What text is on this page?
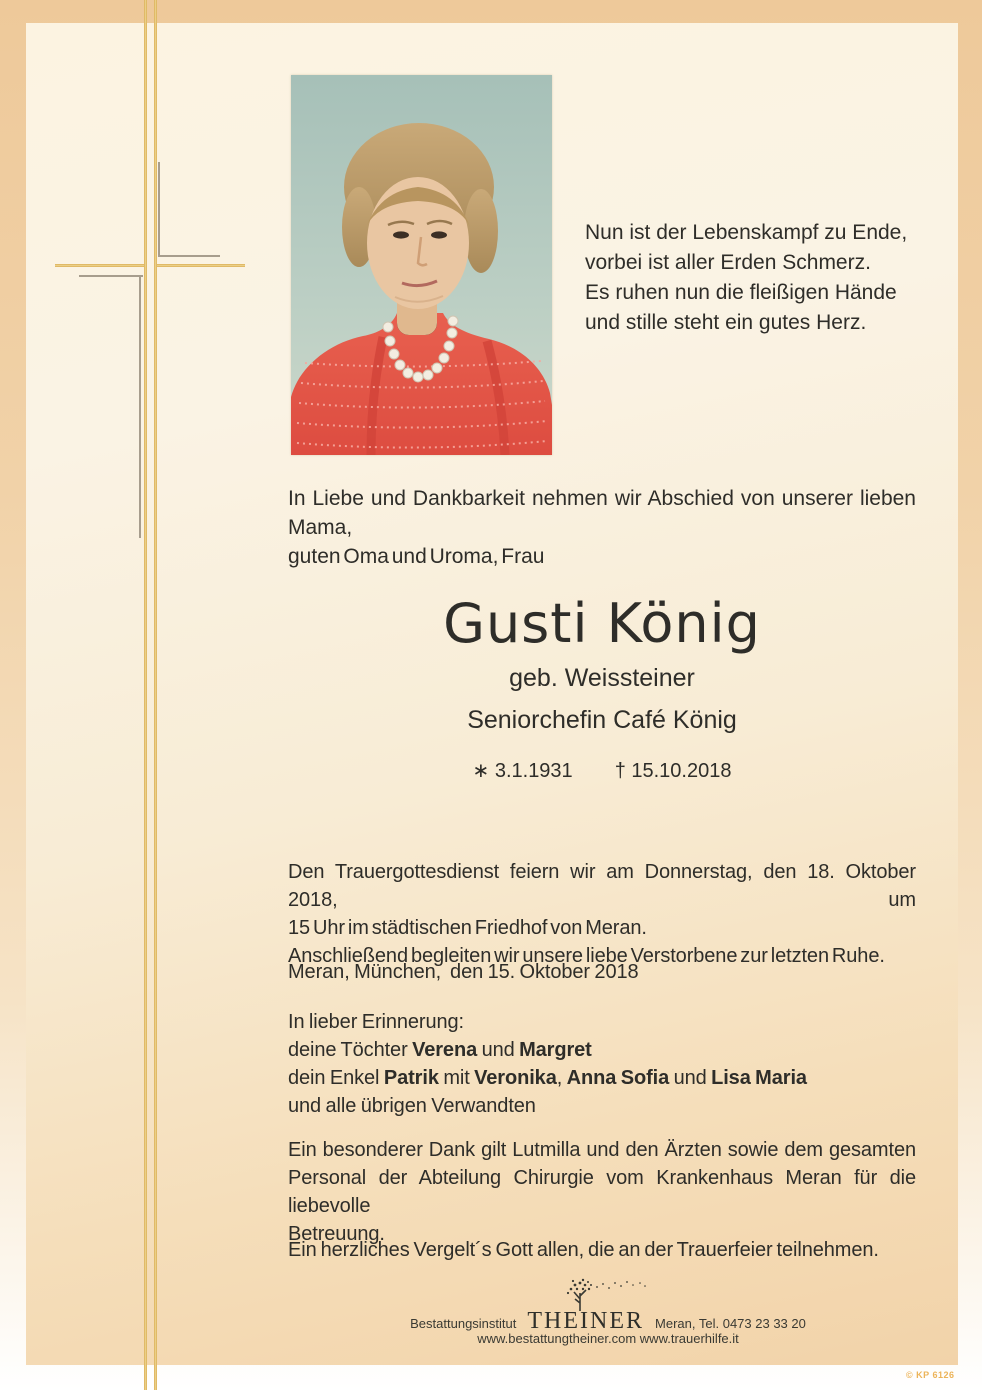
Nun ist der Lebenskampf zu Ende,
vorbei ist aller Erden Schmerz.
Es ruhen nun die fleißigen Hände
und stille steht ein gutes Herz.
In Liebe und Dankbarkeit nehmen wir Abschied von unserer lieben Mama,
guten Oma und Uroma, Frau
Gusti König
geb. Weissteiner
Seniorchefin Café König
∗ 3.1.1931 † 15.10.2018
Den Trauergottesdienst feiern wir am Donnerstag, den 18. Oktober 2018, um
15 Uhr im städtischen Friedhof von Meran.
Anschließend begleiten wir unsere liebe Verstorbene zur letzten Ruhe.
Meran, München,  den 15. Oktober 2018
In lieber Erinnerung:
deine Töchter Verena und Margret
dein Enkel Patrik mit Veronika, Anna Sofia und Lisa Maria
und alle übrigen Verwandten
Ein besonderer Dank gilt Lutmilla und den Ärzten sowie dem gesamten
Personal der Abteilung Chirurgie vom Krankenhaus Meran für die liebevolle
Betreuung.
Ein herzliches Vergelt´s Gott allen, die an der Trauerfeier teilnehmen.
Bestattungsinstitut THEINER Meran, Tel. 0473 23 33 20
www.bestattungtheiner.com www.trauerhilfe.it
© KP 6126
